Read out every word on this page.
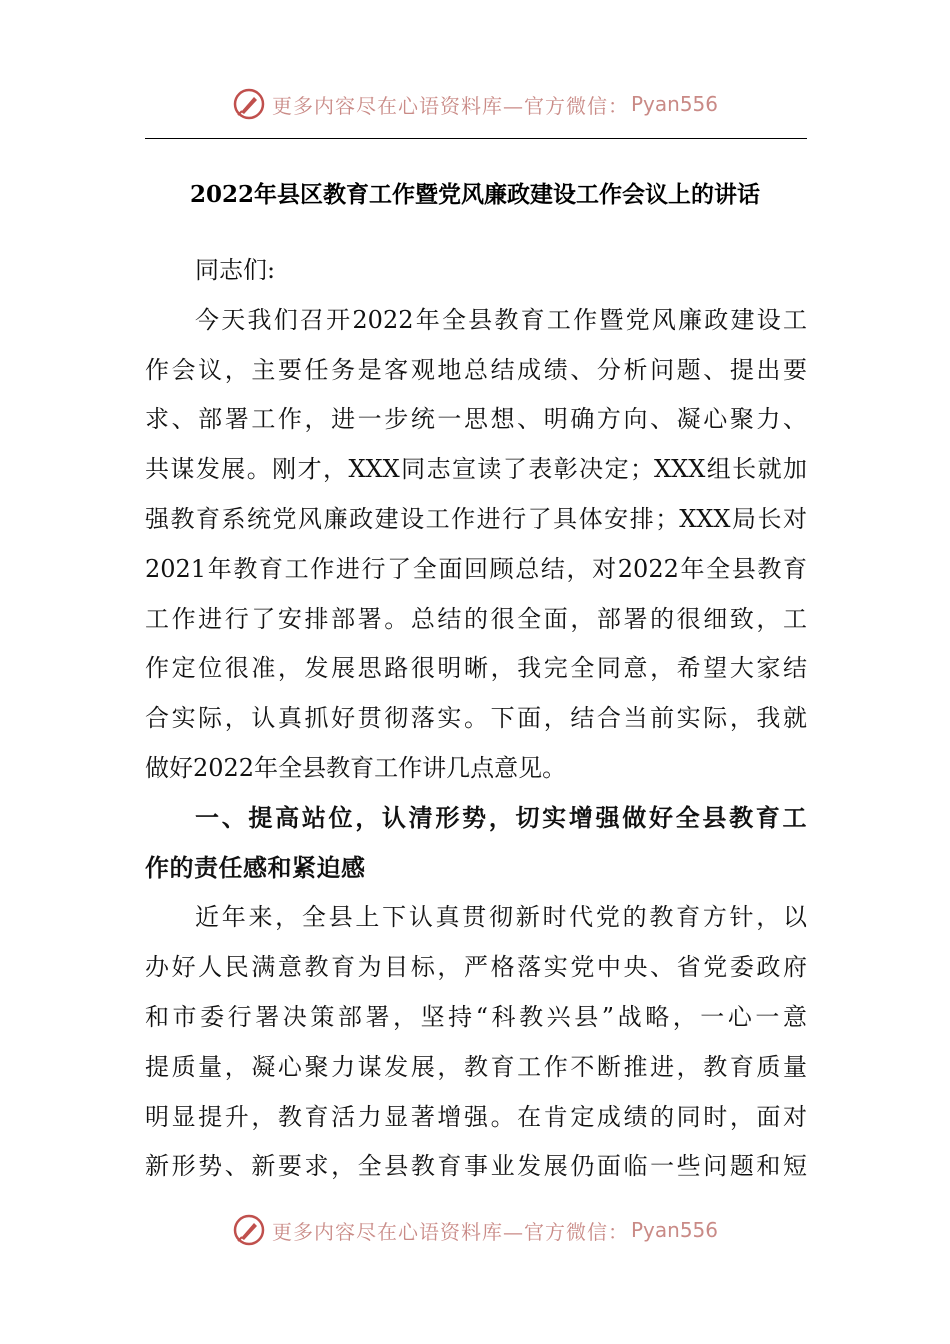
更多内容尽在心语资料库—官方微信： Pyan556
2022年县区教育工作暨党风廉政建设工作会议上的讲话
同志们:
今天我们召开2022年全县教育工作暨党风廉政建设工
作会议，主要任务是客观地总结成绩、分析问题、提出要
求、部署工作，进一步统一思想、明确方向、凝心聚力、
共谋发展。刚才，XXX同志宣读了表彰决定；XXX组长就加
强教育系统党风廉政建设工作进行了具体安排；XXX局长对
2021年教育工作进行了全面回顾总结，对2022年全县教育
工作进行了安排部署。总结的很全面，部署的很细致，工
作定位很准，发展思路很明晰，我完全同意，希望大家结
合实际，认真抓好贯彻落实。下面，结合当前实际，我就
做好2022年全县教育工作讲几点意见。
一、提高站位，认清形势，切实增强做好全县教育工
作的责任感和紧迫感
近年来，全县上下认真贯彻新时代党的教育方针，以
办好人民满意教育为目标，严格落实党中央、省党委政府
和市委行署决策部署，坚持“科教兴县”战略，一心一意
提质量，凝心聚力谋发展，教育工作不断推进，教育质量
明显提升，教育活力显著增强。在肯定成绩的同时，面对
新形势、新要求，全县教育事业发展仍面临一些问题和短
更多内容尽在心语资料库—官方微信： Pyan556
